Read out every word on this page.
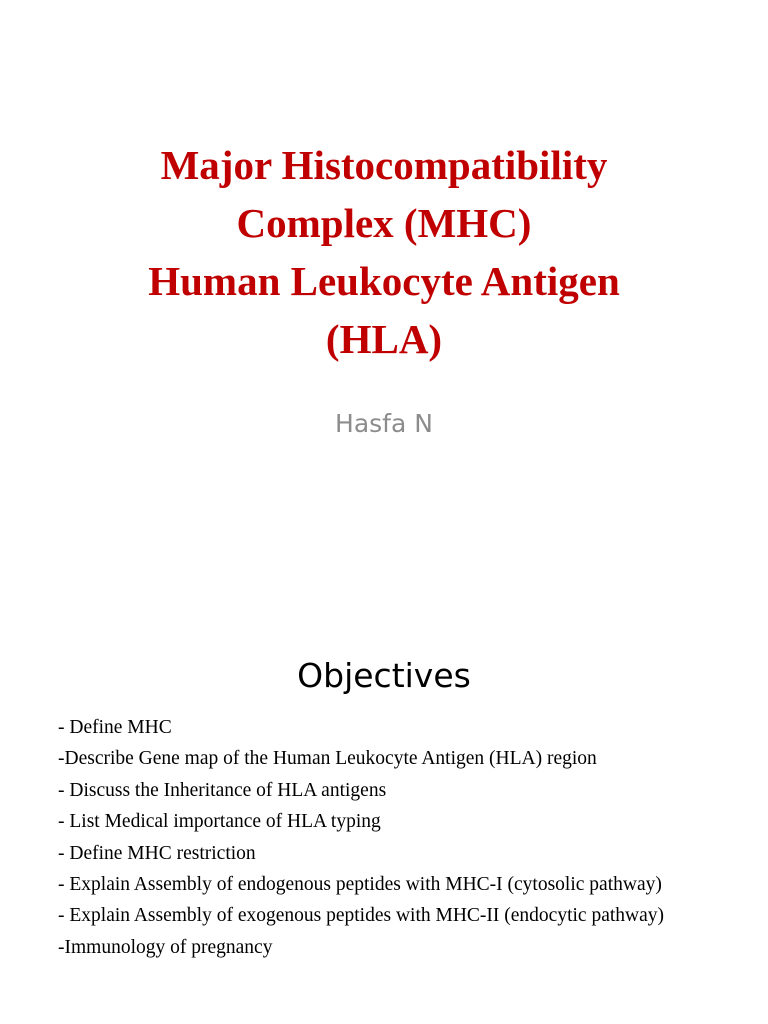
Major Histocompatibility
Complex (MHC)
Human Leukocyte Antigen
(HLA)
Hasfa N
Objectives
- Define MHC
-Describe Gene map of the Human Leukocyte Antigen (HLA) region
- Discuss the Inheritance of HLA antigens
- List Medical importance of HLA typing
- Define MHC restriction
- Explain Assembly of endogenous peptides with MHC-I (cytosolic pathway)
- Explain Assembly of exogenous peptides with MHC-II (endocytic pathway)
-Immunology of pregnancy
